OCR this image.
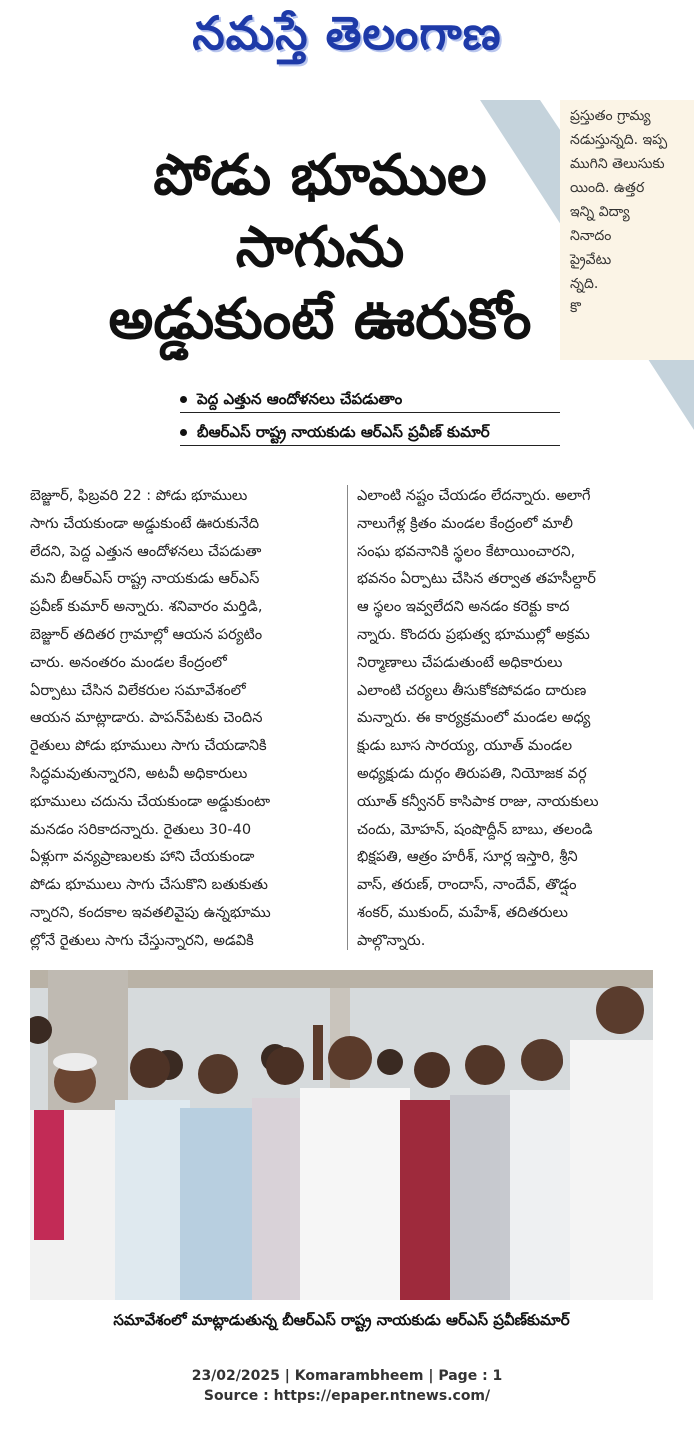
నమస్తే తెలంగాణ
ప్రస్తుతం గ్రామ్య
నడుస్తున్నది. ఇప్ప
ముగిని తెలుసుకు
యింది. ఉత్తర
ఇన్ని విద్యా
నినాదం
ప్రైవేటు
న్నది.
కొ
పోడు భూముల
సాగును
అడ్డుకుంటే ఊరుకోం
పెద్ద ఎత్తున ఆందోళనలు చేపడుతాం
బీఆర్‌ఎస్ రాష్ట్ర నాయకుడు ఆర్‌ఎస్ ప్రవీణ్ కుమార్
బెజ్జూర్, ఫిబ్రవరి 22 : పోడు భూములు
సాగు చేయకుండా అడ్డుకుంటే ఊరుకునేది
లేదని, పెద్ద ఎత్తున ఆందోళనలు చేపడుతా
మని బీఆర్‌ఎస్ రాష్ట్ర నాయకుడు ఆర్‌ఎస్
ప్రవీణ్ కుమార్ అన్నారు. శనివారం మర్తిడి,
బెజ్జూర్ తదితర గ్రామాల్లో ఆయన పర్యటిం
చారు. అనంతరం మండల కేంద్రంలో
ఏర్పాటు చేసిన విలేకరుల సమావేశంలో
ఆయన మాట్లాడారు. పాపన్‌పేటకు చెందిన
రైతులు పోడు భూములు సాగు చేయడానికి
సిద్ధమవుతున్నారని, అటవీ అధికారులు
భూములు చదును చేయకుండా అడ్డుకుంటా
మనడం సరికాదన్నారు. రైతులు 30-40
ఏళ్లుగా వన్యప్రాణులకు హాని చేయకుండా
పోడు భూములు సాగు చేసుకొని బతుకుతు
న్నారని, కందకాల ఇవతలివైపు ఉన్నభూము
ల్లోనే రైతులు సాగు చేస్తున్నారని, అడవికి
ఎలాంటి నష్టం చేయడం లేదన్నారు. అలాగే
నాలుగేళ్ల క్రితం మండల కేంద్రంలో మాలీ
సంఘ భవనానికి స్థలం కేటాయించారని,
భవనం ఏర్పాటు చేసిన తర్వాత తహసీల్దార్
ఆ స్థలం ఇవ్వలేదని అనడం కరెక్టు కాద
న్నారు. కొందరు ప్రభుత్వ భూముల్లో అక్రమ
నిర్మాణాలు చేపడుతుంటే అధికారులు
ఎలాంటి చర్యలు తీసుకోకపోవడం దారుణ
మన్నారు. ఈ కార్యక్రమంలో మండల అధ్య
క్షుడు బూస సారయ్య, యూత్ మండల
అధ్యక్షుడు దుర్గం తిరుపతి, నియోజక వర్గ
యూత్ కన్వీనర్ కాసిపాక రాజు, నాయకులు
చందు, మోహన్, షంషొద్దీన్ బాబు, తలండి
భిక్షపతి, ఆత్రం హరీశ్, సూర్ల ఇస్తారి, శ్రీని
వాస్, తరుణ్, రాందాస్, నాందేవ్, తొడ్షం
శంకర్, ముకుంద్, మహేశ్, తదితరులు
పాల్గొన్నారు.
సమావేశంలో మాట్లాడుతున్న బీఆర్‌ఎస్ రాష్ట్ర నాయకుడు ఆర్‌ఎస్ ప్రవీణ్‌కుమార్
23/02/2025 | Komarambheem | Page : 1
Source : https://epaper.ntnews.com/
